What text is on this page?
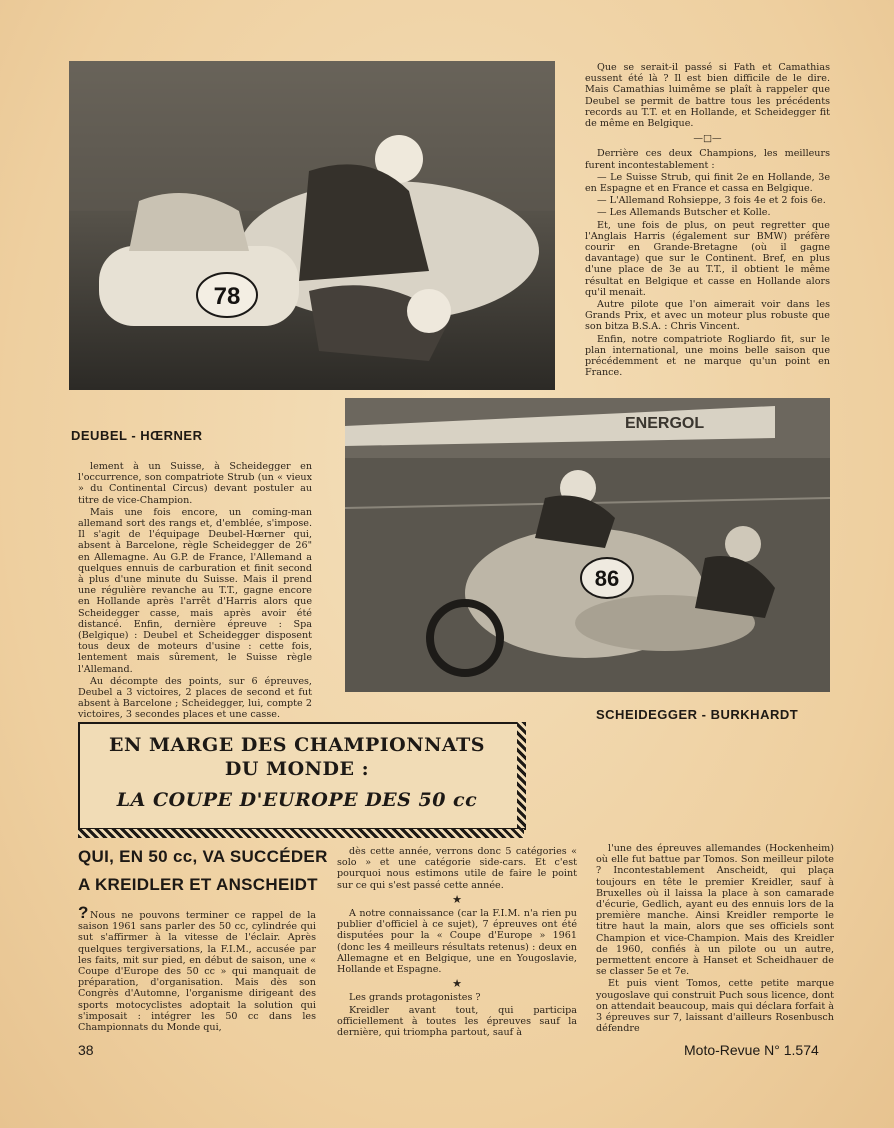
78

Que se serait-il passé si Fath et Camathias eussent été là ? Il est bien difficile de le dire. Mais Camathias luimême se plaît à rappeler que Deubel se permit de battre tous les précédents records au T.T. et en Hollande, et Scheidegger fit de même en Belgique.

—□—

Derrière ces deux Champions, les meilleurs furent incontestablement :

— Le Suisse Strub, qui finit 2e en Hollande, 3e en Espagne et en France et cassa en Belgique.

— L'Allemand Rohsieppe, 3 fois 4e et 2 fois 6e.

— Les Allemands Butscher et Kolle.

Et, une fois de plus, on peut regretter que l'Anglais Harris (également sur BMW) préfère courir en Grande-Bretagne (où il gagne davantage) que sur le Continent. Bref, en plus d'une place de 3e au T.T., il obtient le même résultat en Belgique et casse en Hollande alors qu'il menait.

Autre pilote que l'on aimerait voir dans les Grands Prix, et avec un moteur plus robuste que son bitza B.S.A. : Chris Vincent.

Enfin, notre compatriote Rogliardo fit, sur le plan international, une moins belle saison que précédemment et ne marque qu'un point en France.

DEUBEL - HŒRNER

lement à un Suisse, à Scheidegger en l'occurrence, son compatriote Strub (un « vieux » du Continental Circus) devant postuler au titre de vice-Champion.

Mais une fois encore, un coming-man allemand sort des rangs et, d'emblée, s'impose. Il s'agit de l'équipage Deubel-Hœrner qui, absent à Barcelone, règle Scheidegger de 26" en Allemagne. Au G.P. de France, l'Allemand a quelques ennuis de carburation et finit second à plus d'une minute du Suisse. Mais il prend une régulière revanche au T.T., gagne encore en Hollande après l'arrêt d'Harris alors que Scheidegger casse, mais après avoir été distancé. Enfin, dernière épreuve : Spa (Belgique) : Deubel et Scheidegger disposent tous deux de moteurs d'usine : cette fois, lentement mais sûrement, le Suisse règle l'Allemand.

Au décompte des points, sur 6 épreuves, Deubel a 3 victoires, 2 places de second et fut absent à Barcelone ; Scheidegger, lui, compte 2 victoires, 3 secondes places et une casse.

ENERGOL
86
SCHEIDEGGER - BURKHARDT
EN MARGE DES CHAMPIONNATS
DU MONDE :
LA COUPE D'EUROPE DES 50 cc
QUI, EN 50 cc, VA SUCCÉDER
A KREIDLER ET ANSCHEIDT ? Nous ne pouvons terminer ce rappel de la saison 1961 sans parler des 50 cc, cylindrée qui sut s'affirmer à la vitesse de l'éclair. Après quelques tergiversations, la F.I.M., accusée par les faits, mit sur pied, en début de saison, une « Coupe d'Europe des 50 cc » qui manquait de préparation, d'organisation. Mais dès son Congrès d'Automne, l'organisme dirigeant des sports motocyclistes adoptait la solution qui s'imposait : intégrer les 50 cc dans les Championnats du Monde qui,

dès cette année, verrons donc 5 catégories « solo » et une catégorie side-cars. Et c'est pourquoi nous estimons utile de faire le point sur ce qui s'est passé cette année.

★

A notre connaissance (car la F.I.M. n'a rien pu publier d'officiel à ce sujet), 7 épreuves ont été disputées pour la « Coupe d'Europe » 1961 (donc les 4 meilleurs résultats retenus) : deux en Allemagne et en Belgique, une en Yougoslavie, Hollande et Espagne.

★

Les grands protagonistes ?

Kreidler avant tout, qui participa officiellement à toutes les épreuves sauf la dernière, qui triompha partout, sauf à

l'une des épreuves allemandes (Hockenheim) où elle fut battue par Tomos. Son meilleur pilote ? Incontestablement Anscheidt, qui plaça toujours en tête le premier Kreidler, sauf à Bruxelles où il laissa la place à son camarade d'écurie, Gedlich, ayant eu des ennuis lors de la première manche. Ainsi Kreidler remporte le titre haut la main, alors que ses officiels sont Champion et vice-Champion. Mais des Kreidler de 1960, confiés à un pilote ou un autre, permettent encore à Hanset et Scheidhauer de se classer 5e et 7e.

Et puis vient Tomos, cette petite marque yougoslave qui construit Puch sous licence, dont on attendait beaucoup, mais qui déclara forfait à 3 épreuves sur 7, laissant d'ailleurs Rosenbusch défendre

38	Moto-Revue N° 1.574
